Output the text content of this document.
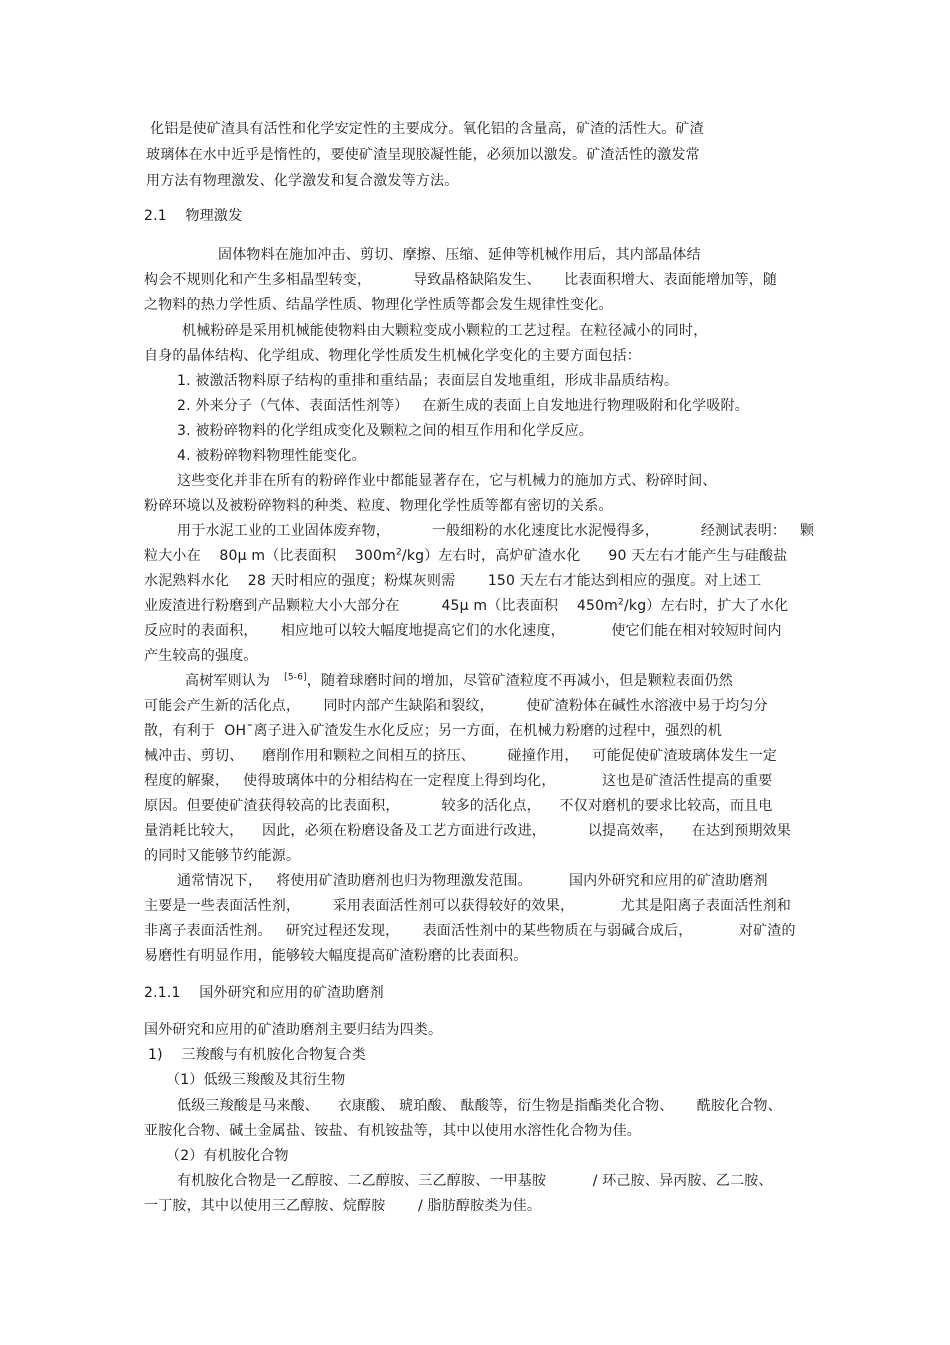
化铝是使矿渣具有活性和化学安定性的主要成分。氧化铝的含量高，矿渣的活性大。矿渣
玻璃体在水中近乎是惰性的，要使矿渣呈现胶凝性能，必须加以激发。矿渣活性的激发常
用方法有物理激发、化学激发和复合激发等方法。
2.1    物理激发
固体物料在施加冲击、剪切、摩擦、压缩、延伸等机械作用后，其内部晶体结
构会不规则化和产生多相晶型转变，         导致晶格缺陷发生、     比表面积增大、表面能增加等，随
之物料的热力学性质、结晶学性质、物理化学性质等都会发生规律性变化。
机械粉碎是采用机械能使物料由大颗粒变成小颗粒的工艺过程。在粒径减小的同时，
自身的晶体结构、化学组成、物理化学性质发生机械化学变化的主要方面包括：
1. 被激活物料原子结构的重排和重结晶；表面层自发地重组，形成非晶质结构。
2. 外来分子（气体、表面活性剂等）   在新生成的表面上自发地进行物理吸附和化学吸附。
3. 被粉碎物料的化学组成变化及颗粒之间的相互作用和化学反应。
4. 被粉碎物料物理性能变化。
这些变化并非在所有的粉碎作业中都能显著存在，它与机械力的施加方式、粉碎时间、
粉碎环境以及被粉碎物料的种类、粒度、物理化学性质等都有密切的关系。
用于水泥工业的工业固体废弃物，         一般细粉的水化速度比水泥慢得多，         经测试表明：   颗
粒大小在    80μ m（比表面积    $300m^2/kg$）左右时，高炉矿渣水化      90 天左右才能产生与硅酸盐
水泥熟料水化    28 天时相应的强度；粉煤灰则需       150 天左右才能达到相应的强度。对上述工
业废渣进行粉磨到产品颗粒大小大部分在         45μ m（比表面积    $450m^2/kg$）左右时，扩大了水化
反应时的表面积，     相应地可以较大幅度地提高它们的水化速度，          使它们能在相对较短时间内
产生较高的强度。
高树军则认为   [5-6]，随着球磨时间的增加，尽管矿渣粒度不再减小，但是颗粒表面仍然
可能会产生新的活化点，     同时内部产生缺陷和裂纹，       使矿渣粉体在碱性水溶液中易于均匀分
散，有利于  OH¯离子进入矿渣发生水化反应；另一方面，在机械力粉磨的过程中，强烈的机
械冲击、剪切、    磨削作用和颗粒之间相互的挤压、       碰撞作用，   可能促使矿渣玻璃体发生一定
程度的解聚，   使得玻璃体中的分相结构在一定程度上得到均化，          这也是矿渣活性提高的重要
原因。但要使矿渣获得较高的比表面积，         较多的活化点，    不仅对磨机的要求比较高，而且电
量消耗比较大，    因此，必须在粉磨设备及工艺方面进行改进，         以提高效率，    在达到预期效果
的同时又能够节约能源。
通常情况下，   将使用矿渣助磨剂也归为物理激发范围。        国内外研究和应用的矿渣助磨剂
主要是一些表面活性剂，       采用表面活性剂可以获得较好的效果，          尤其是阳离子表面活性剂和
非离子表面活性剂。   研究过程还发现，     表面活性剂中的某些物质在与弱碱合成后，          对矿渣的
易磨性有明显作用，能够较大幅度提高矿渣粉磨的比表面积。
2.1.1    国外研究和应用的矿渣助磨剂
国外研究和应用的矿渣助磨剂主要归结为四类。
1)    三羧酸与有机胺化合物复合类
（1）低级三羧酸及其衍生物
低级三羧酸是马来酸、    衣康酸、 琥珀酸、 酞酸等，衍生物是指酯类化合物、     酰胺化合物、
亚胺化合物、碱土金属盐、铵盐、有机铵盐等，其中以使用水溶性化合物为佳。
（2）有机胺化合物
有机胺化合物是一乙醇胺、二乙醇胺、三乙醇胺、一甲基胺          / 环己胺、异丙胺、乙二胺、
一丁胺，其中以使用三乙醇胺、烷醇胺       / 脂肪醇胺类为佳。
